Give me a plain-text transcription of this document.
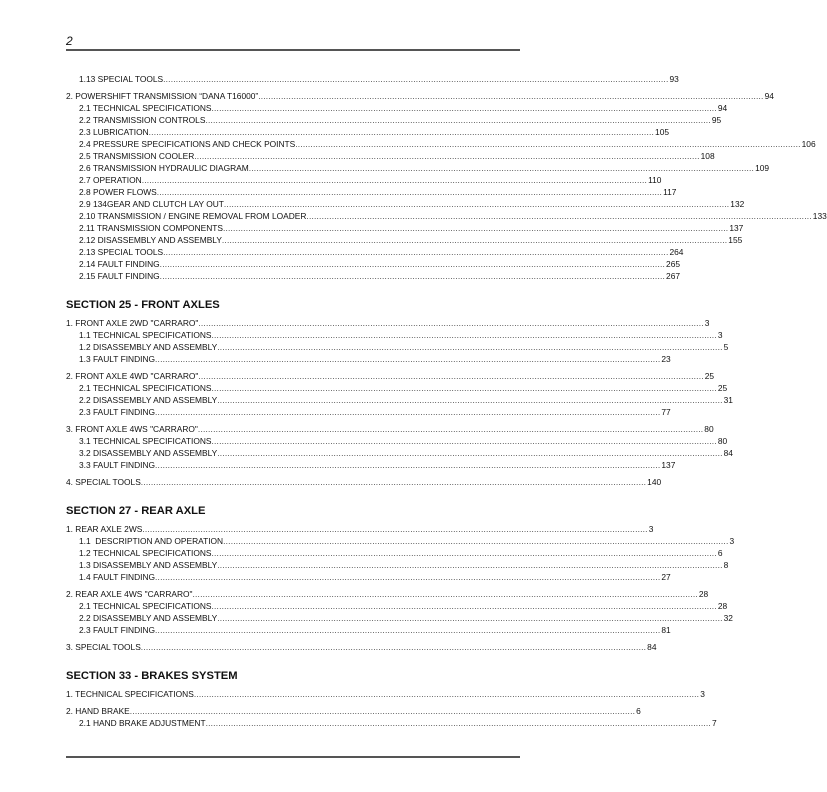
2
1.13 SPECIAL TOOLS ........................................................................................................................................................................................................ 93
2. POWERSHIFT TRANSMISSION “DANA T16000” ........................................................................................................................................................................................................ 94
2.1 TECHNICAL SPECIFICATIONS ........................................................................................................................................................................................................ 94
2.2 TRANSMISSION CONTROLS ........................................................................................................................................................................................................ 95
2.3 LUBRICATION ........................................................................................................................................................................................................ 105
2.4 PRESSURE SPECIFICATIONS AND CHECK POINTS ........................................................................................................................................................................................................ 106
2.5 TRANSMISSION COOLER ........................................................................................................................................................................................................ 108
2.6 TRANSMISSION HYDRAULIC DIAGRAM ........................................................................................................................................................................................................ 109
2.7 OPERATION ........................................................................................................................................................................................................ 110
2.8 POWER FLOWS ........................................................................................................................................................................................................ 117
2.9 134GEAR AND CLUTCH LAY OUT ........................................................................................................................................................................................................ 132
2.10 TRANSMISSION / ENGINE REMOVAL FROM LOADER ........................................................................................................................................................................................................ 133
2.11 TRANSMISSION COMPONENTS ........................................................................................................................................................................................................ 137
2.12 DISASSEMBLY AND ASSEMBLY ........................................................................................................................................................................................................ 155
2.13 SPECIAL TOOLS ........................................................................................................................................................................................................ 264
2.14 FAULT FINDING ........................................................................................................................................................................................................ 265
2.15 FAULT FINDING ........................................................................................................................................................................................................ 267
SECTION 25 - FRONT AXLES
1. FRONT AXLE 2WD "CARRARO" ........................................................................................................................................................................................................ 3
1.1 TECHNICAL SPECIFICATIONS ........................................................................................................................................................................................................ 3
1.2 DISASSEMBLY AND ASSEMBLY ........................................................................................................................................................................................................ 5
1.3 FAULT FINDING ........................................................................................................................................................................................................ 23
2. FRONT AXLE 4WD "CARRARO" ........................................................................................................................................................................................................ 25
2.1 TECHNICAL SPECIFICATIONS ........................................................................................................................................................................................................ 25
2.2 DISASSEMBLY AND ASSEMBLY ........................................................................................................................................................................................................ 31
2.3 FAULT FINDING ........................................................................................................................................................................................................ 77
3. FRONT AXLE 4WS "CARRARO" ........................................................................................................................................................................................................ 80
3.1 TECHNICAL SPECIFICATIONS ........................................................................................................................................................................................................ 80
3.2 DISASSEMBLY AND ASSEMBLY ........................................................................................................................................................................................................ 84
3.3 FAULT FINDING ........................................................................................................................................................................................................ 137
4. SPECIAL TOOLS ........................................................................................................................................................................................................ 140
SECTION 27 - REAR AXLE
1. REAR AXLE 2WS ........................................................................................................................................................................................................ 3
1.1  DESCRIPTION AND OPERATION ........................................................................................................................................................................................................ 3
1.2 TECHNICAL SPECIFICATIONS ........................................................................................................................................................................................................ 6
1.3 DISASSEMBLY AND ASSEMBLY ........................................................................................................................................................................................................ 8
1.4 FAULT FINDING ........................................................................................................................................................................................................ 27
2. REAR AXLE 4WS "CARRARO" ........................................................................................................................................................................................................ 28
2.1 TECHNICAL SPECIFICATIONS ........................................................................................................................................................................................................ 28
2.2 DISASSEMBLY AND ASSEMBLY ........................................................................................................................................................................................................ 32
2.3 FAULT FINDING ........................................................................................................................................................................................................ 81
3. SPECIAL TOOLS ........................................................................................................................................................................................................ 84
SECTION 33 - BRAKES SYSTEM
1. TECHNICAL SPECIFICATIONS ........................................................................................................................................................................................................ 3
2. HAND BRAKE ........................................................................................................................................................................................................ 6
2.1 HAND BRAKE ADJUSTMENT ........................................................................................................................................................................................................ 7
